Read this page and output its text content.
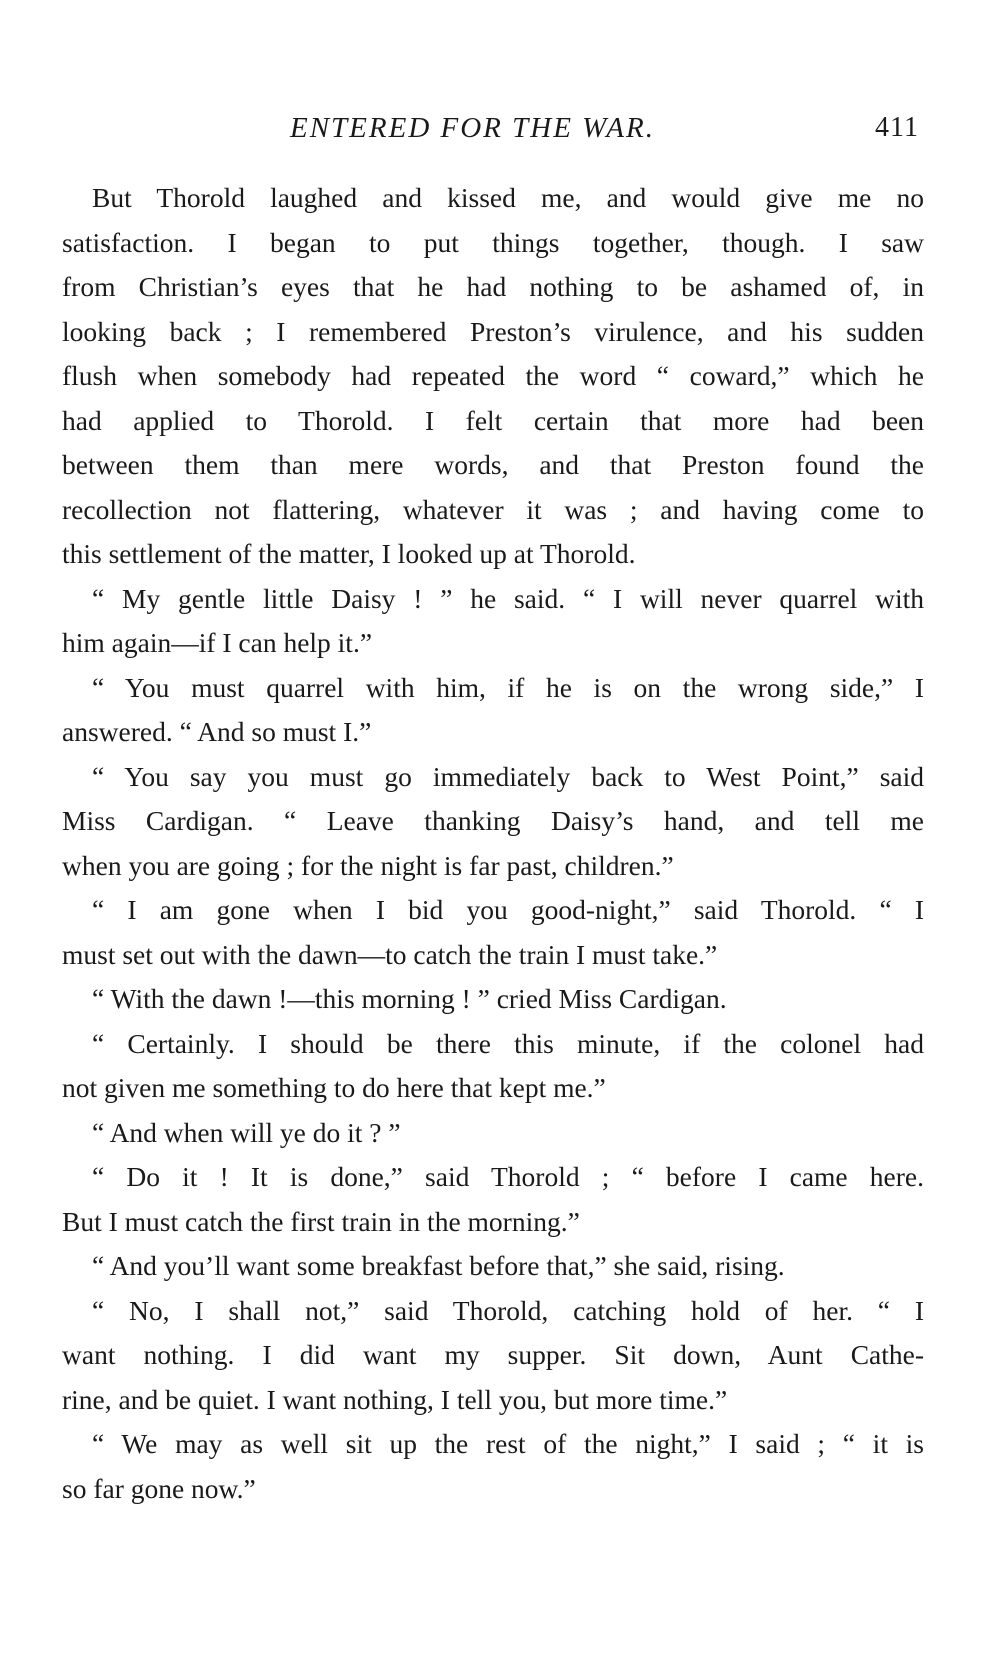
ENTERED FOR THE WAR.	411
But Thorold laughed and kissed me, and would give me no
satisfaction. I began to put things together, though. I saw
from Christian’s eyes that he had nothing to be ashamed of, in
looking back ; I remembered Preston’s virulence, and his sudden
flush when somebody had repeated the word “ coward,” which he
had applied to Thorold. I felt certain that more had been
between them than mere words, and that Preston found the
recollection not flattering, whatever it was ; and having come to
this settlement of the matter, I looked up at Thorold.
“ My gentle little Daisy ! ” he said. “ I will never quarrel with
him again—if I can help it.”
“ You must quarrel with him, if he is on the wrong side,” I
answered. “ And so must I.”
“ You say you must go immediately back to West Point,” said
Miss Cardigan. “ Leave thanking Daisy’s hand, and tell me
when you are going ; for the night is far past, children.”
“ I am gone when I bid you good-night,” said Thorold. “ I
must set out with the dawn—to catch the train I must take.”
“ With the dawn !—this morning ! ” cried Miss Cardigan.
“ Certainly. I should be there this minute, if the colonel had
not given me something to do here that kept me.”
“ And when will ye do it ? ”
“ Do it ! It is done,” said Thorold ; “ before I came here.
But I must catch the first train in the morning.”
“ And you’ll want some breakfast before that,” she said, rising.
“ No, I shall not,” said Thorold, catching hold of her. “ I
want nothing. I did want my supper. Sit down, Aunt Cathe-
rine, and be quiet. I want nothing, I tell you, but more time.”
“ We may as well sit up the rest of the night,” I said ; “ it is
so far gone now.”
